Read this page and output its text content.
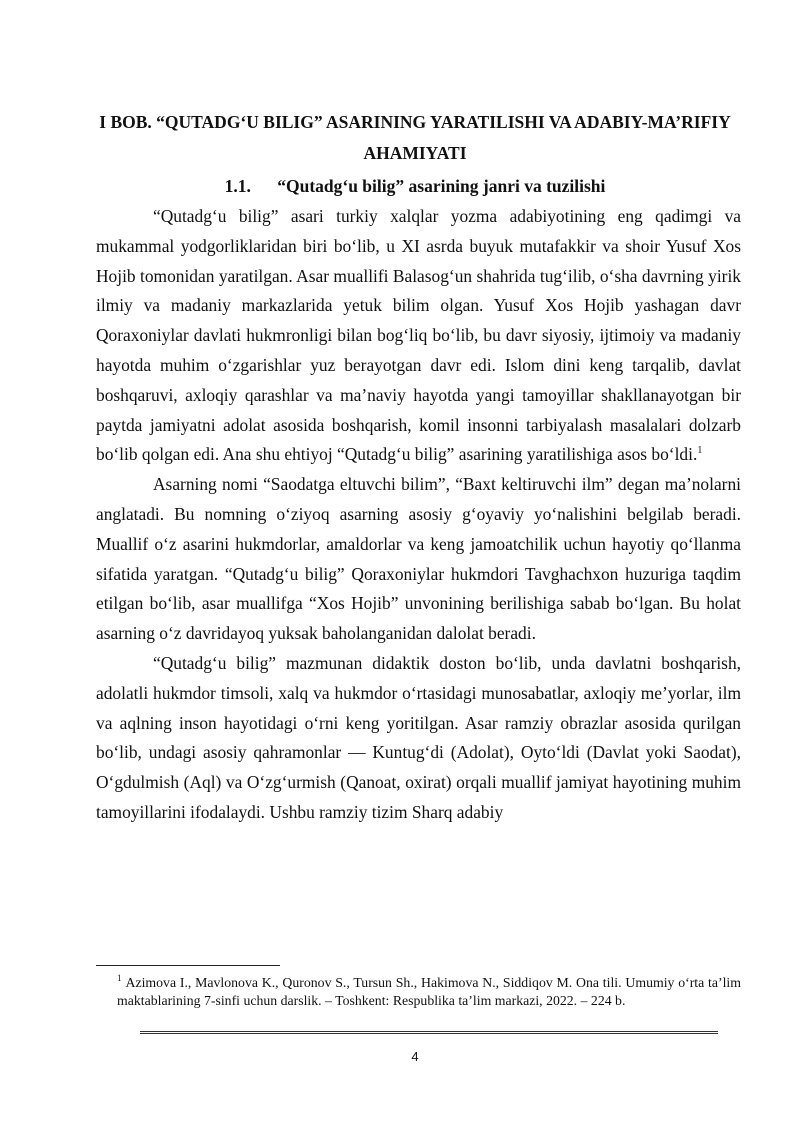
I BOB. “QUTADG‘U BILIG” ASARINING YARATILISHI VA ADABIY-MA’RIFIY AHAMIYATI
1.1. “Qutadg‘u bilig” asarining janri va tuzilishi

“Qutadg‘u bilig” asari turkiy xalqlar yozma adabiyotining eng qadimgi va mukammal yodgorliklaridan biri bo‘lib, u XI asrda buyuk mutafakkir va shoir Yusuf Xos Hojib tomonidan yaratilgan. Asar muallifi Balasog‘un shahrida tug‘ilib, o‘sha davrning yirik ilmiy va madaniy markazlarida yetuk bilim olgan. Yusuf Xos Hojib yashagan davr Qoraxoniylar davlati hukmronligi bilan bog‘liq bo‘lib, bu davr siyosiy, ijtimoiy va madaniy hayotda muhim o‘zgarishlar yuz berayotgan davr edi. Islom dini keng tarqalib, davlat boshqaruvi, axloqiy qarashlar va ma’naviy hayotda yangi tamoyillar shakllanayotgan bir paytda jamiyatni adolat asosida boshqarish, komil insonni tarbiyalash masalalari dolzarb bo‘lib qolgan edi. Ana shu ehtiyoj “Qutadg‘u bilig” asarining yaratilishiga asos bo‘ldi.$^1$

Asarning nomi “Saodatga eltuvchi bilim”, “Baxt keltiruvchi ilm” degan ma’nolarni anglatadi. Bu nomning o‘ziyoq asarning asosiy g‘oyaviy yo‘nalishini belgilab beradi. Muallif o‘z asarini hukmdorlar, amaldorlar va keng jamoatchilik uchun hayotiy qo‘llanma sifatida yaratgan. “Qutadg‘u bilig” Qoraxoniylar hukmdori Tavghachxon huzuriga taqdim etilgan bo‘lib, asar muallifga “Xos Hojib” unvonining berilishiga sabab bo‘lgan. Bu holat asarning o‘z davridayoq yuksak baholanganidan dalolat beradi.

“Qutadg‘u bilig” mazmunan didaktik doston bo‘lib, unda davlatni boshqarish, adolatli hukmdor timsoli, xalq va hukmdor o‘rtasidagi munosabatlar, axloqiy me’yorlar, ilm va aqlning inson hayotidagi o‘rni keng yoritilgan. Asar ramziy obrazlar asosida qurilgan bo‘lib, undagi asosiy qahramonlar — Kuntug‘di (Adolat), Oyto‘ldi (Davlat yoki Saodat), O‘gdulmish (Aql) va O‘zg‘urmish (Qanoat, oxirat) orqali muallif jamiyat hayotining muhim tamoyillarini ifodalaydi. Ushbu ramziy tizim Sharq adabiy

$^1$ Azimova I., Mavlonova K., Quronov S., Tursun Sh., Hakimova N., Siddiqov M. Ona tili. Umumiy o‘rta ta’lim maktablarining 7-sinfi uchun darslik. – Toshkent: Respublika ta’lim markazi, 2022. – 224 b.

4
